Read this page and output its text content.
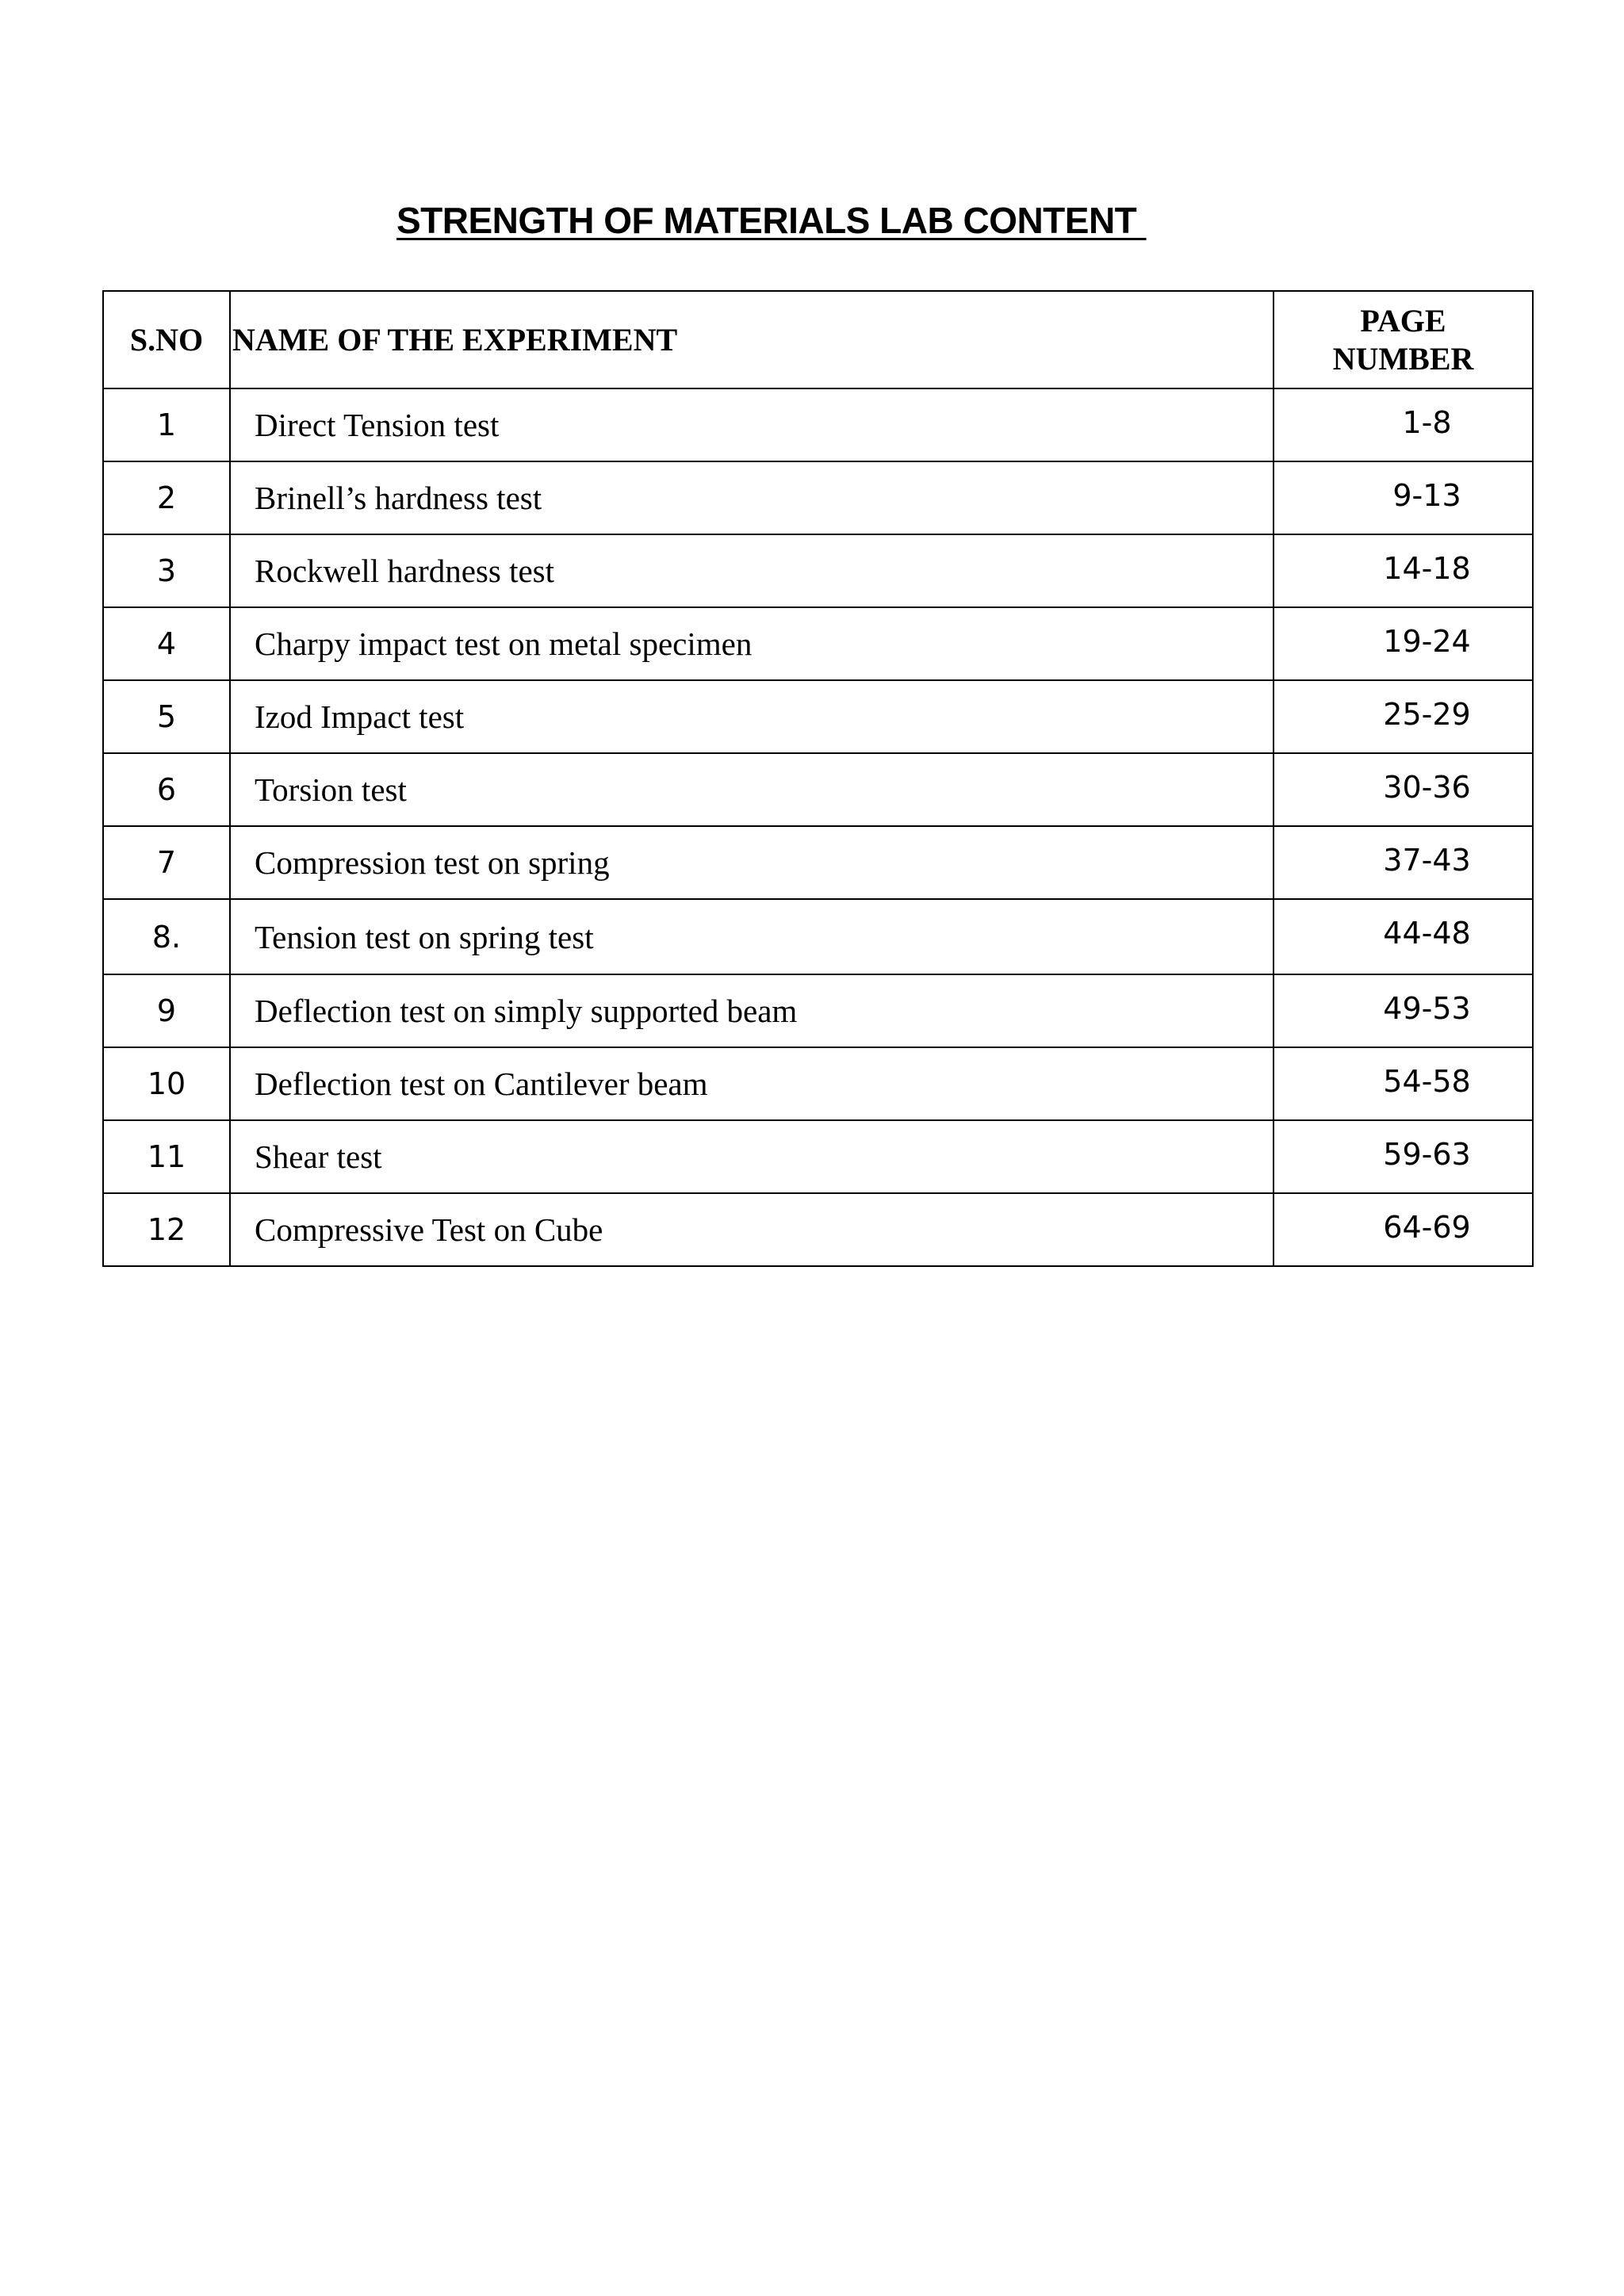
STRENGTH OF MATERIALS LAB CONTENT
S.NO	NAME OF THE EXPERIMENT	PAGE
NUMBER

1	Direct Tension test	1-8
2	Brinell’s hardness test	9-13
3	Rockwell hardness test	14-18
4	Charpy impact test on metal specimen	19-24
5	Izod Impact test	25-29
6	Torsion test	30-36
7	Compression test on spring	37-43
8.	Tension test on spring test	44-48
9	Deflection test on simply supported beam	49-53
10	Deflection test on Cantilever beam	54-58
11	Shear test	59-63
12	Compressive Test on Cube	64-69
